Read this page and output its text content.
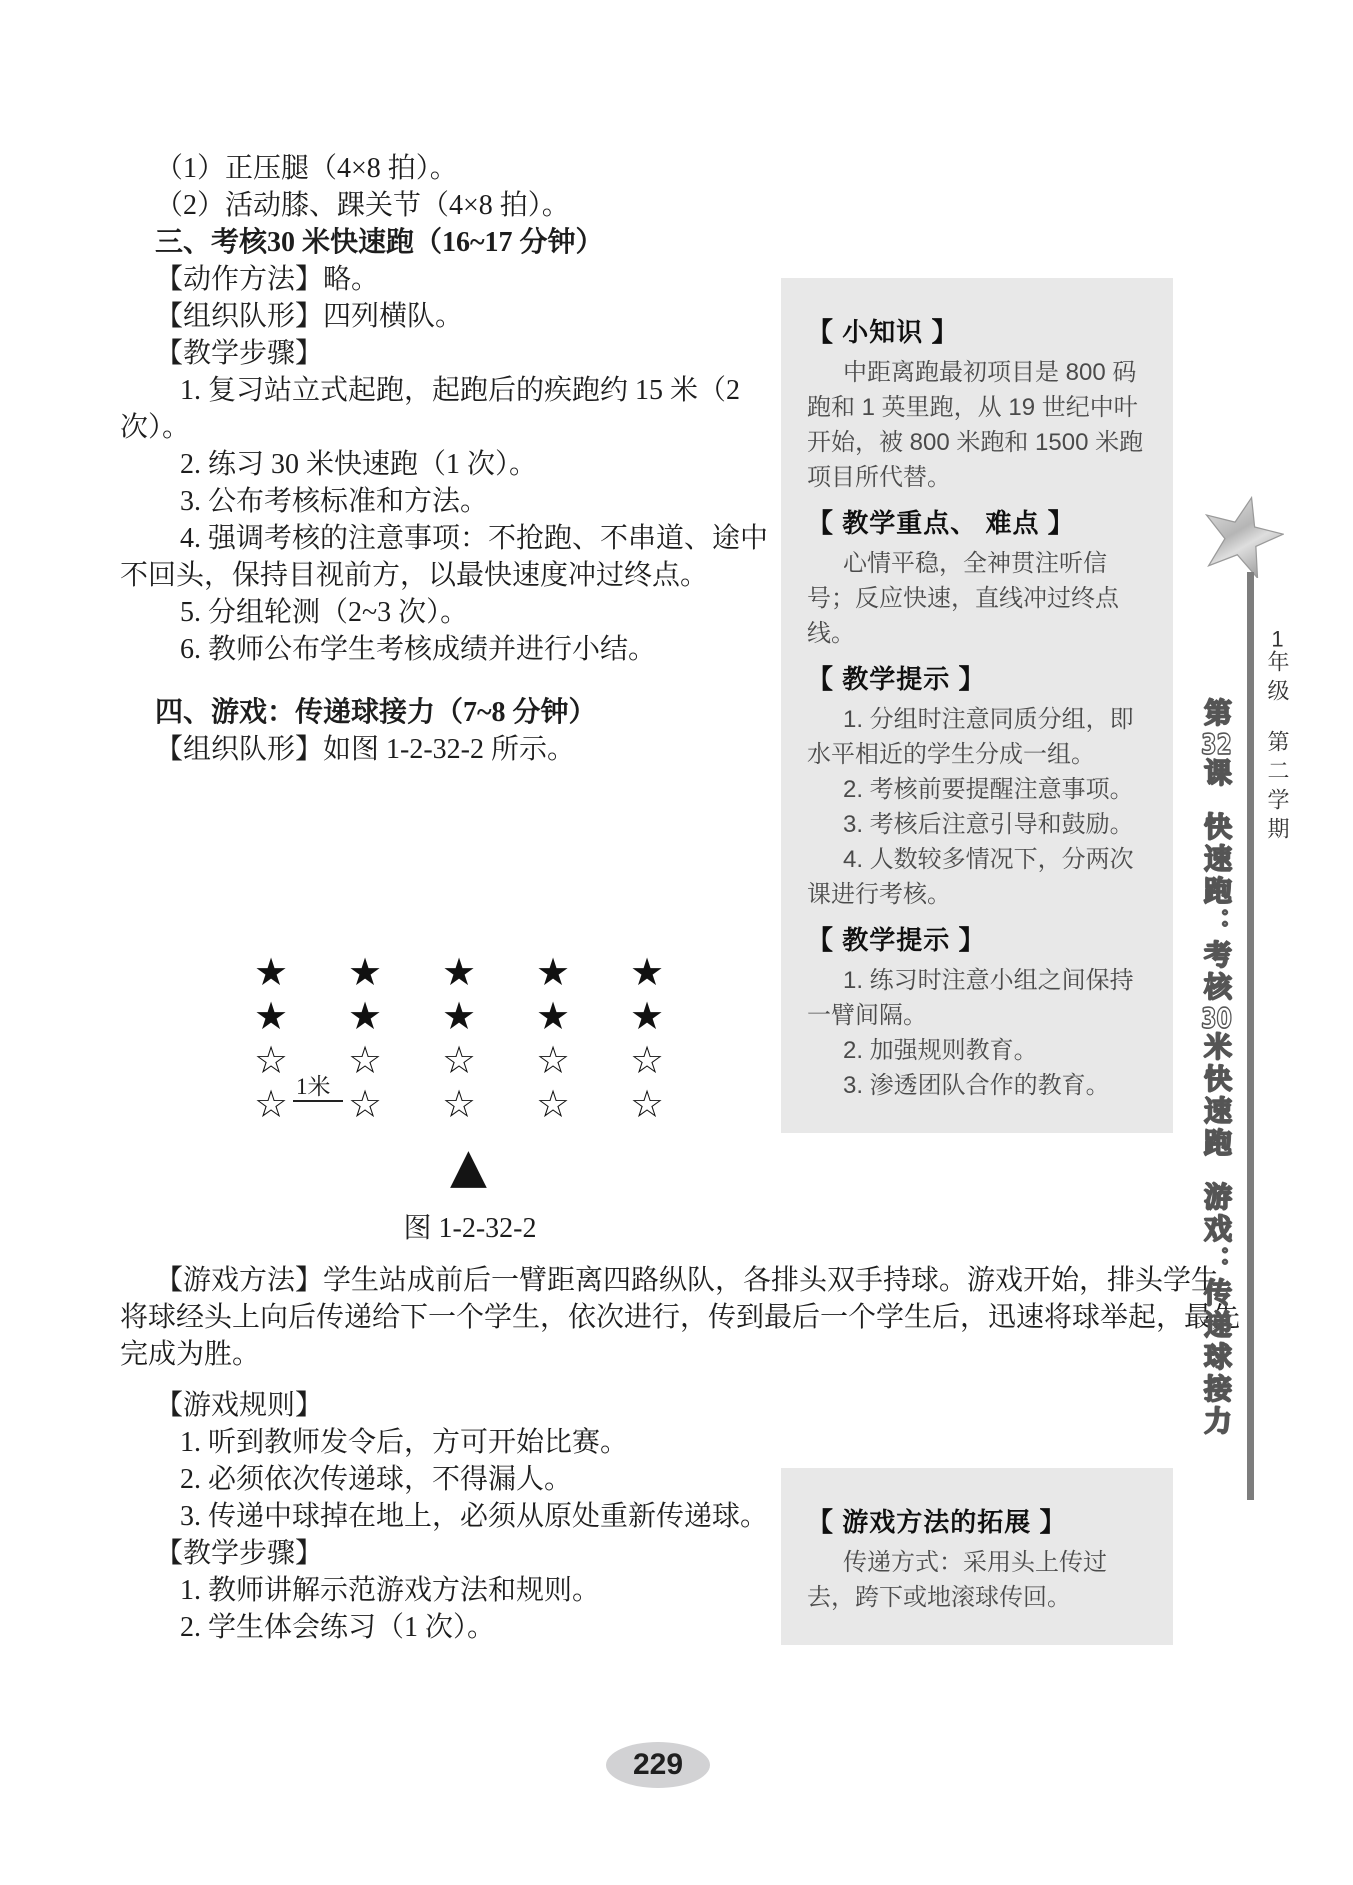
（1）正压腿（4×8 拍）。

（2）活动膝、踝关节（4×8 拍）。

三、考核30 米快速跑（16~17 分钟）

【动作方法】略。

【组织队形】四列横队。

【教学步骤】

1. 复习站立式起跑，起跑后的疾跑约 15 米（2 次）。

2. 练习 30 米快速跑（1 次）。

3. 公布考核标准和方法。

4. 强调考核的注意事项：不抢跑、不串道、途中不回头，保持目视前方，以最快速度冲过终点。

5. 分组轮测（2~3 次）。

6. 教师公布学生考核成绩并进行小结。

四、游戏：传递球接力（7~8 分钟）

【组织队形】如图 1-2-32-2 所示。

★ ★ ★ ★ ★
★ ★ ★ ★ ★
☆ ☆ ☆ ☆ ☆
☆ ☆ ☆ ☆ ☆
1米
▲
图 1-2-32-2

【游戏方法】学生站成前后一臂距离四路纵队，各排头双手持球。游戏开始，排头学生将球经头上向后传递给下一个学生，依次进行，传到最后一个学生后，迅速将球举起，最先完成为胜。

【游戏规则】

1. 听到教师发令后，方可开始比赛。

2. 必须依次传递球，不得漏人。

3. 传递中球掉在地上，必须从原处重新传递球。

【教学步骤】

1. 教师讲解示范游戏方法和规则。

2. 学生体会练习（1 次）。

【 小知识 】

中距离跑最初项目是 800 码跑和 1 英里跑，从 19 世纪中叶开始，被 800 米跑和 1500 米跑项目所代替。

【 教学重点、 难点 】

心情平稳，全神贯注听信号；反应快速，直线冲过终点线。

【 教学提示 】

1. 分组时注意同质分组，即水平相近的学生分成一组。

2. 考核前要提醒注意事项。

3. 考核后注意引导和鼓励。

4. 人数较多情况下，分两次课进行考核。

【 教学提示 】

1. 练习时注意小组之间保持一臂间隔。

2. 加强规则教育。

3. 渗透团队合作的教育。

【 游戏方法的拓展 】

传递方式：采用头上传过去，跨下或地滚球传回。

1年级第二学期
第32课快速跑：考核30米快速跑游戏：传递球接力
229
